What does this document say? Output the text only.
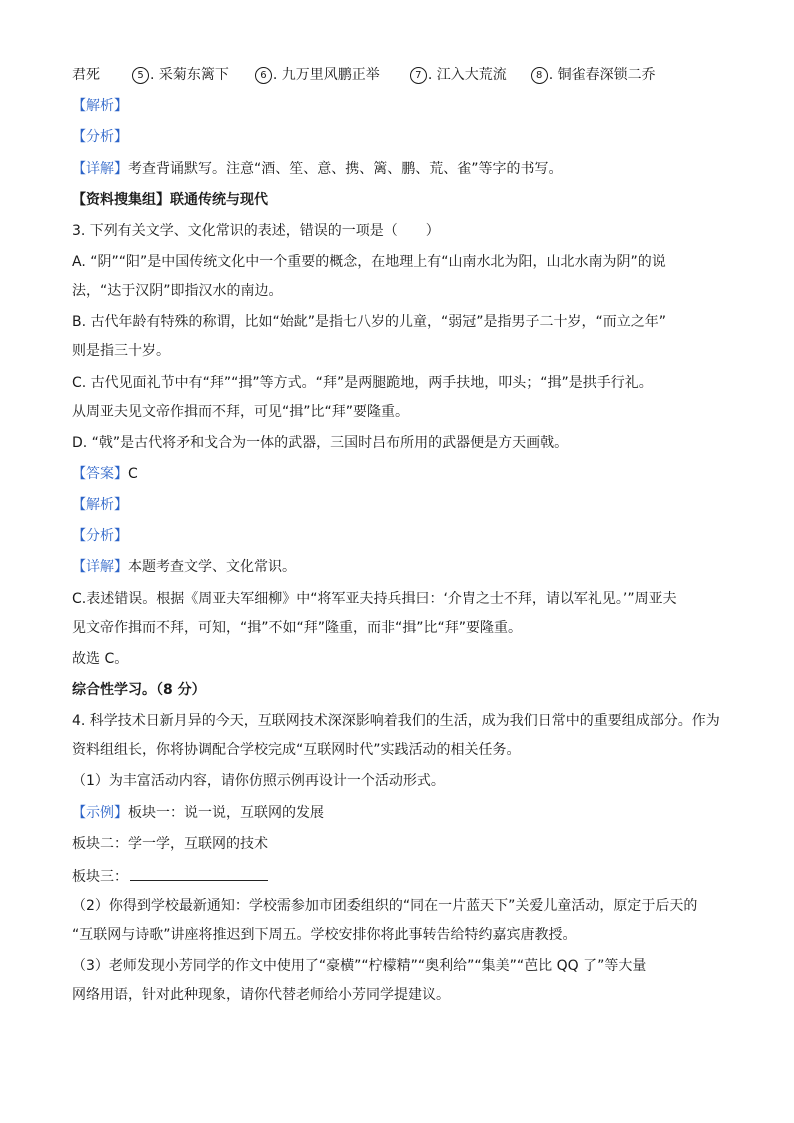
君死	5 . 采菊东篱下	6 . 九万里风鹏正举	7 . 江入大荒流	8 . 铜雀春深锁二乔
【解析】
【分析】
【详解】考查背诵默写。注意“酒、笙、意、携、篱、鹏、荒、雀”等字的书写。
【资料搜集组】联通传统与现代
3. 下列有关文学、文化常识的表述，错误的一项是（　　）
A. “阴”“阳”是中国传统文化中一个重要的概念，在地理上有“山南水北为阳，山北水南为阴”的说
法，“达于汉阴”即指汉水的南边。
B. 古代年龄有特殊的称谓，比如“始龀”是指七八岁的儿童，“弱冠”是指男子二十岁，“而立之年”
则是指三十岁。
C. 古代见面礼节中有“拜”“揖”等方式。“拜”是两腿跪地，两手扶地，叩头；“揖”是拱手行礼。
从周亚夫见文帝作揖而不拜，可见“揖”比“拜”要隆重。
D. “戟”是古代将矛和戈合为一体的武器，三国时吕布所用的武器便是方天画戟。
【答案】C
【解析】
【分析】
【详解】本题考查文学、文化常识。
C.表述错误。根据《周亚夫军细柳》中“将军亚夫持兵揖曰：‘介胄之士不拜，请以军礼见。’”周亚夫
见文帝作揖而不拜，可知，“揖”不如“拜”隆重，而非“揖”比“拜”要隆重。
故选 C。
综合性学习。（8 分）
4. 科学技术日新月异的今天，互联网技术深深影响着我们的生活，成为我们日常中的重要组成部分。作为
资料组组长，你将协调配合学校完成“互联网时代”实践活动的相关任务。
（1）为丰富活动内容，请你仿照示例再设计一个活动形式。
【示例】板块一：说一说，互联网的发展
板块二：学一学，互联网的技术
板块三：
（2）你得到学校最新通知：学校需参加市团委组织的“同在一片蓝天下”关爱儿童活动，原定于后天的
“互联网与诗歌”讲座将推迟到下周五。学校安排你将此事转告给特约嘉宾唐教授。
（3）老师发现小芳同学的作文中使用了“豪横”“柠檬精”“奥利给”“集美”“芭比 QQ 了”等大量
网络用语，针对此种现象，请你代替老师给小芳同学提建议。
